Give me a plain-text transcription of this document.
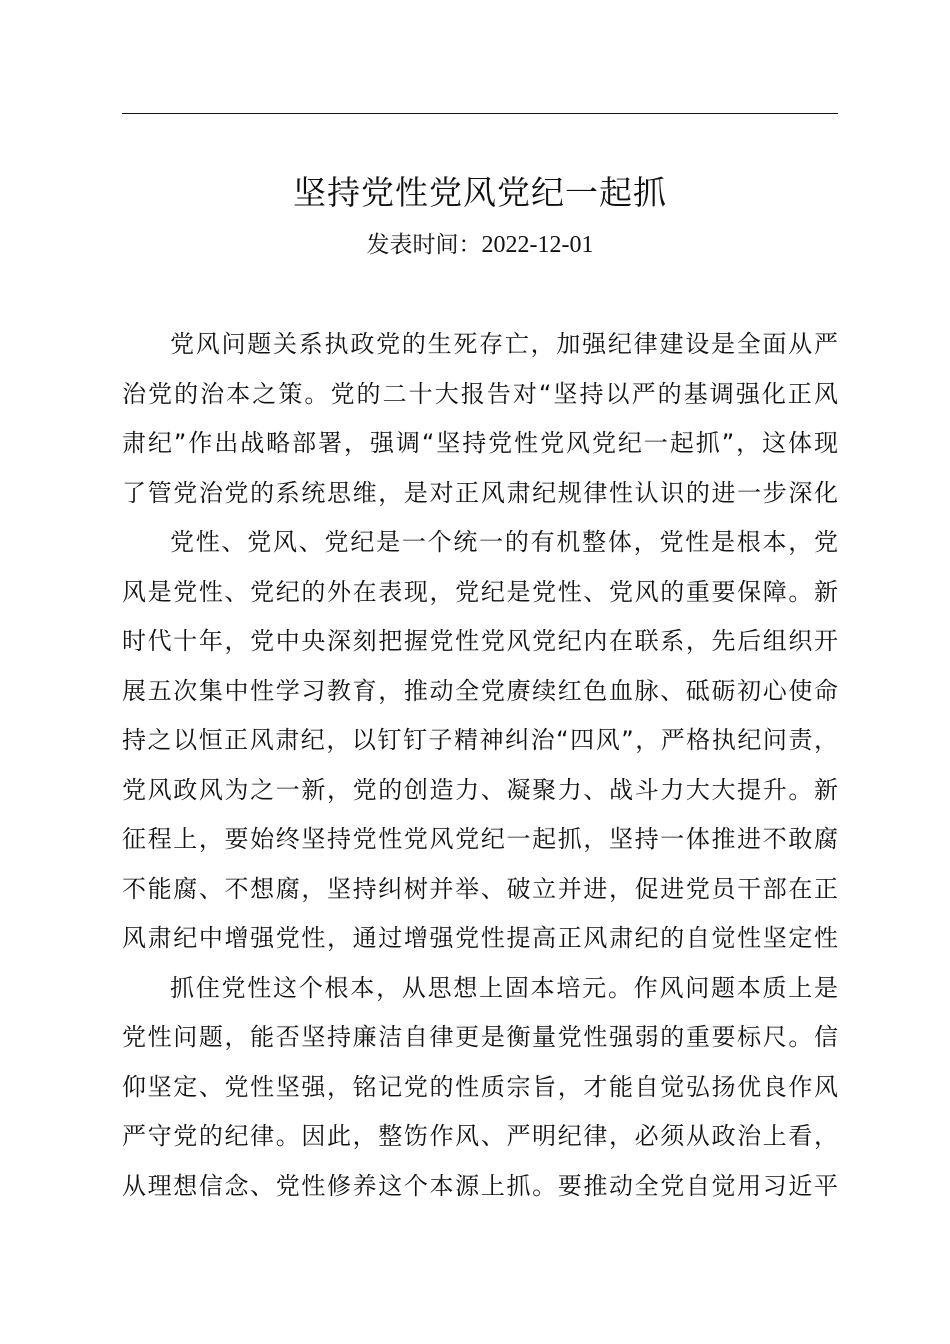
坚持党性党风党纪一起抓
发表时间：2022-12-01
党风问题关系执政党的生死存亡，加强纪律建设是全面从严
治党的治本之策。党的二十大报告对“坚持以严的基调强化正风
肃纪”作出战略部署，强调“坚持党性党风党纪一起抓”，这体现
了管党治党的系统思维，是对正风肃纪规律性认识的进一步深化
党性、党风、党纪是一个统一的有机整体，党性是根本，党
风是党性、党纪的外在表现，党纪是党性、党风的重要保障。新
时代十年，党中央深刻把握党性党风党纪内在联系，先后组织开
展五次集中性学习教育，推动全党赓续红色血脉、砥砺初心使命
持之以恒正风肃纪，以钉钉子精神纠治“四风”，严格执纪问责，
党风政风为之一新，党的创造力、凝聚力、战斗力大大提升。新
征程上，要始终坚持党性党风党纪一起抓，坚持一体推进不敢腐
不能腐、不想腐，坚持纠树并举、破立并进，促进党员干部在正
风肃纪中增强党性，通过增强党性提高正风肃纪的自觉性坚定性
抓住党性这个根本，从思想上固本培元。作风问题本质上是
党性问题，能否坚持廉洁自律更是衡量党性强弱的重要标尺。信
仰坚定、党性坚强，铭记党的性质宗旨，才能自觉弘扬优良作风
严守党的纪律。因此，整饬作风、严明纪律，必须从政治上看，
从理想信念、党性修养这个本源上抓。要推动全党自觉用习近平
